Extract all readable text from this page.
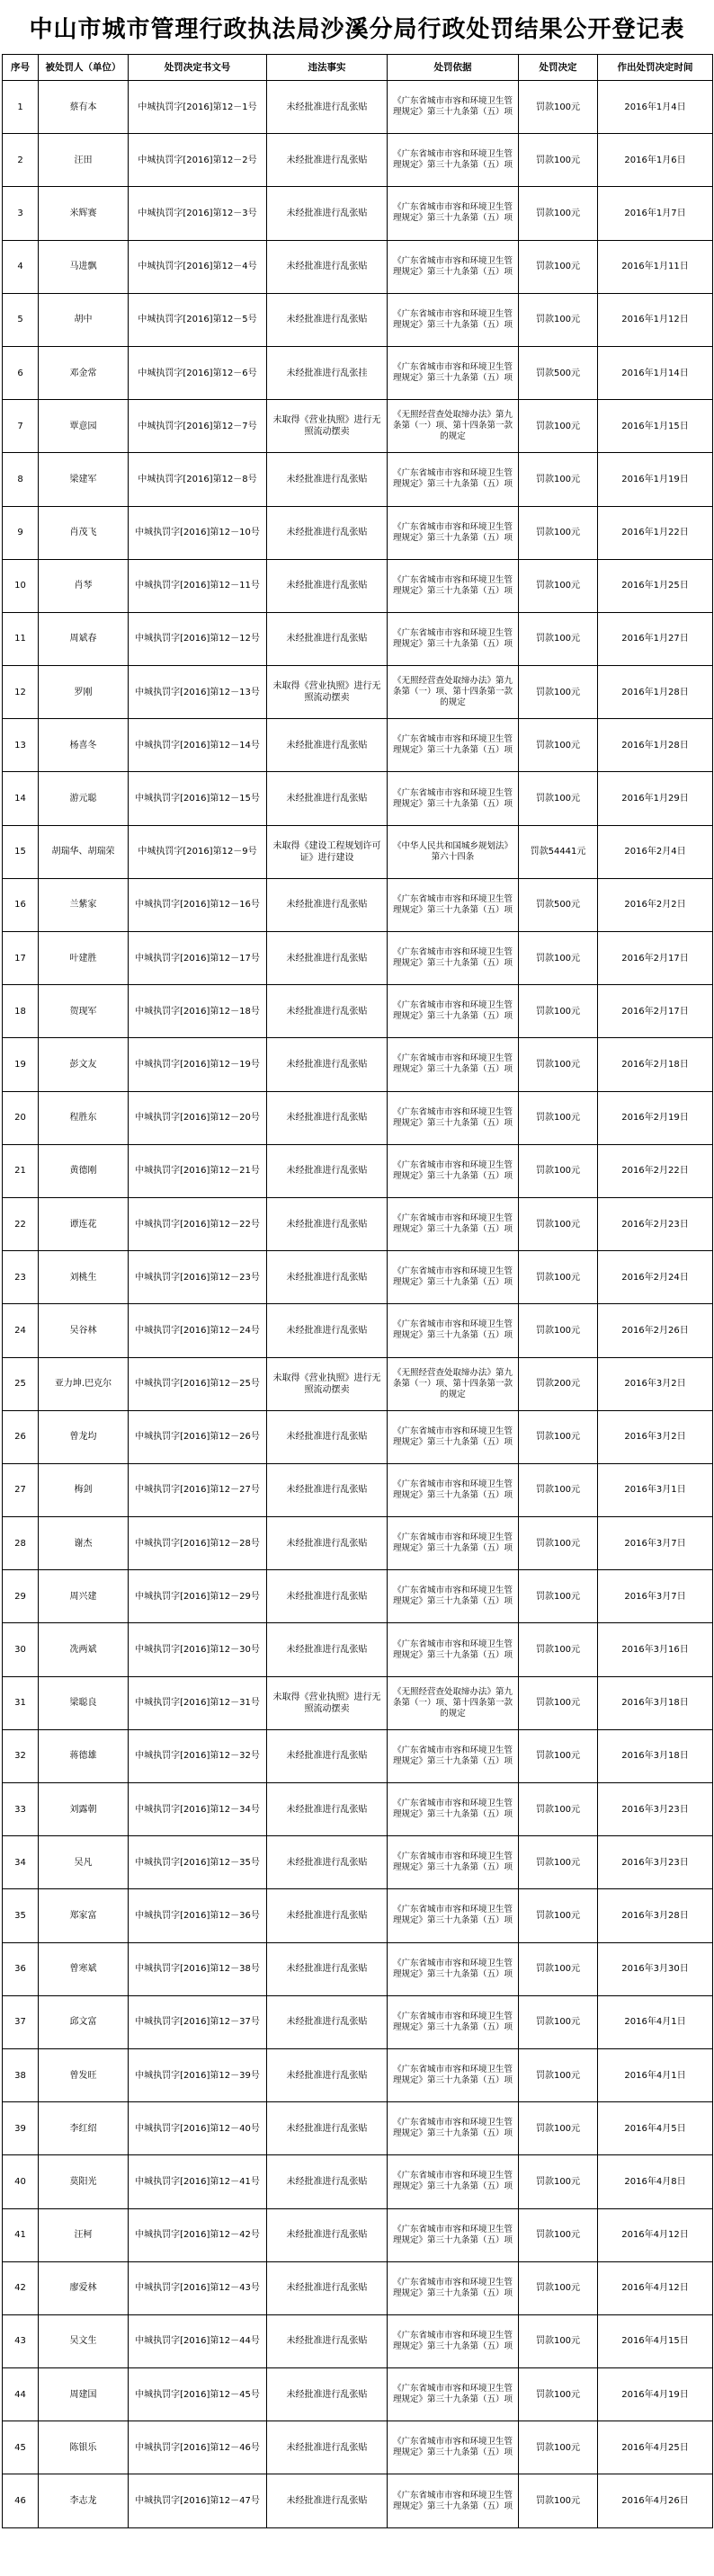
中山市城市管理行政执法局沙溪分局行政处罚结果公开登记表
序号	被处罚人（单位）	处罚决定书文号	违法事实	处罚依据	处罚决定	作出处罚决定时间
1	蔡有本	中城执罚字[2016]第12－1号	未经批准进行乱张贴	《广东省城市市容和环境卫生管理规定》第三十九条第（五）项	罚款100元	2016年1月4日
2	汪田	中城执罚字[2016]第12－2号	未经批准进行乱张贴	《广东省城市市容和环境卫生管理规定》第三十九条第（五）项	罚款100元	2016年1月6日
3	米辉赛	中城执罚字[2016]第12－3号	未经批准进行乱张贴	《广东省城市市容和环境卫生管理规定》第三十九条第（五）项	罚款100元	2016年1月7日
4	马进飘	中城执罚字[2016]第12－4号	未经批准进行乱张贴	《广东省城市市容和环境卫生管理规定》第三十九条第（五）项	罚款100元	2016年1月11日
5	胡中	中城执罚字[2016]第12－5号	未经批准进行乱张贴	《广东省城市市容和环境卫生管理规定》第三十九条第（五）项	罚款100元	2016年1月12日
6	邓金常	中城执罚字[2016]第12－6号	未经批准进行乱张挂	《广东省城市市容和环境卫生管理规定》第三十九条第（五）项	罚款500元	2016年1月14日
7	覃意园	中城执罚字[2016]第12－7号	未取得《营业执照》进行无照流动摆卖	《无照经营查处取缔办法》第九条第（一）项、第十四条第一款的规定	罚款100元	2016年1月15日
8	梁建军	中城执罚字[2016]第12－8号	未经批准进行乱张贴	《广东省城市市容和环境卫生管理规定》第三十九条第（五）项	罚款100元	2016年1月19日
9	肖茂飞	中城执罚字[2016]第12－10号	未经批准进行乱张贴	《广东省城市市容和环境卫生管理规定》第三十九条第（五）项	罚款100元	2016年1月22日
10	肖琴	中城执罚字[2016]第12－11号	未经批准进行乱张贴	《广东省城市市容和环境卫生管理规定》第三十九条第（五）项	罚款100元	2016年1月25日
11	周斌春	中城执罚字[2016]第12－12号	未经批准进行乱张贴	《广东省城市市容和环境卫生管理规定》第三十九条第（五）项	罚款100元	2016年1月27日
12	罗刚	中城执罚字[2016]第12－13号	未取得《营业执照》进行无照流动摆卖	《无照经营查处取缔办法》第九条第（一）项、第十四条第一款的规定	罚款100元	2016年1月28日
13	杨喜冬	中城执罚字[2016]第12－14号	未经批准进行乱张贴	《广东省城市市容和环境卫生管理规定》第三十九条第（五）项	罚款100元	2016年1月28日
14	游元聪	中城执罚字[2016]第12－15号	未经批准进行乱张贴	《广东省城市市容和环境卫生管理规定》第三十九条第（五）项	罚款100元	2016年1月29日
15	胡瑞华、胡瑞荣	中城执罚字[2016]第12－9号	未取得《建设工程规划许可证》进行建设	《中华人民共和国城乡规划法》第六十四条	罚款54441元	2016年2月4日
16	兰紫家	中城执罚字[2016]第12－16号	未经批准进行乱张贴	《广东省城市市容和环境卫生管理规定》第三十九条第（五）项	罚款500元	2016年2月2日
17	叶建胜	中城执罚字[2016]第12－17号	未经批准进行乱张贴	《广东省城市市容和环境卫生管理规定》第三十九条第（五）项	罚款100元	2016年2月17日
18	贺现军	中城执罚字[2016]第12－18号	未经批准进行乱张贴	《广东省城市市容和环境卫生管理规定》第三十九条第（五）项	罚款100元	2016年2月17日
19	彭文友	中城执罚字[2016]第12－19号	未经批准进行乱张贴	《广东省城市市容和环境卫生管理规定》第三十九条第（五）项	罚款100元	2016年2月18日
20	程胜东	中城执罚字[2016]第12－20号	未经批准进行乱张贴	《广东省城市市容和环境卫生管理规定》第三十九条第（五）项	罚款100元	2016年2月19日
21	黄德刚	中城执罚字[2016]第12－21号	未经批准进行乱张贴	《广东省城市市容和环境卫生管理规定》第三十九条第（五）项	罚款100元	2016年2月22日
22	谭连花	中城执罚字[2016]第12－22号	未经批准进行乱张贴	《广东省城市市容和环境卫生管理规定》第三十九条第（五）项	罚款100元	2016年2月23日
23	刘桃生	中城执罚字[2016]第12－23号	未经批准进行乱张贴	《广东省城市市容和环境卫生管理规定》第三十九条第（五）项	罚款100元	2016年2月24日
24	吴谷林	中城执罚字[2016]第12－24号	未经批准进行乱张贴	《广东省城市市容和环境卫生管理规定》第三十九条第（五）项	罚款100元	2016年2月26日
25	亚力坤.巴克尔	中城执罚字[2016]第12－25号	未取得《营业执照》进行无照流动摆卖	《无照经营查处取缔办法》第九条第（一）项、第十四条第一款的规定	罚款200元	2016年3月2日
26	曾龙均	中城执罚字[2016]第12－26号	未经批准进行乱张贴	《广东省城市市容和环境卫生管理规定》第三十九条第（五）项	罚款100元	2016年3月2日
27	梅剑	中城执罚字[2016]第12－27号	未经批准进行乱张贴	《广东省城市市容和环境卫生管理规定》第三十九条第（五）项	罚款100元	2016年3月1日
28	谢杰	中城执罚字[2016]第12－28号	未经批准进行乱张贴	《广东省城市市容和环境卫生管理规定》第三十九条第（五）项	罚款100元	2016年3月7日
29	周兴建	中城执罚字[2016]第12－29号	未经批准进行乱张贴	《广东省城市市容和环境卫生管理规定》第三十九条第（五）项	罚款100元	2016年3月7日
30	冼两斌	中城执罚字[2016]第12－30号	未经批准进行乱张贴	《广东省城市市容和环境卫生管理规定》第三十九条第（五）项	罚款100元	2016年3月16日
31	梁聪良	中城执罚字[2016]第12－31号	未取得《营业执照》进行无照流动摆卖	《无照经营查处取缔办法》第九条第（一）项、第十四条第一款的规定	罚款100元	2016年3月18日
32	蒋德雄	中城执罚字[2016]第12－32号	未经批准进行乱张贴	《广东省城市市容和环境卫生管理规定》第三十九条第（五）项	罚款100元	2016年3月18日
33	刘露朝	中城执罚字[2016]第12－34号	未经批准进行乱张贴	《广东省城市市容和环境卫生管理规定》第三十九条第（五）项	罚款100元	2016年3月23日
34	吴凡	中城执罚字[2016]第12－35号	未经批准进行乱张贴	《广东省城市市容和环境卫生管理规定》第三十九条第（五）项	罚款100元	2016年3月23日
35	郑家富	中城执罚字[2016]第12－36号	未经批准进行乱张贴	《广东省城市市容和环境卫生管理规定》第三十九条第（五）项	罚款100元	2016年3月28日
36	曾寒斌	中城执罚字[2016]第12－38号	未经批准进行乱张贴	《广东省城市市容和环境卫生管理规定》第三十九条第（五）项	罚款100元	2016年3月30日
37	邱文富	中城执罚字[2016]第12－37号	未经批准进行乱张贴	《广东省城市市容和环境卫生管理规定》第三十九条第（五）项	罚款100元	2016年4月1日
38	曾发旺	中城执罚字[2016]第12－39号	未经批准进行乱张贴	《广东省城市市容和环境卫生管理规定》第三十九条第（五）项	罚款100元	2016年4月1日
39	李红绍	中城执罚字[2016]第12－40号	未经批准进行乱张贴	《广东省城市市容和环境卫生管理规定》第三十九条第（五）项	罚款100元	2016年4月5日
40	莫阳光	中城执罚字[2016]第12－41号	未经批准进行乱张贴	《广东省城市市容和环境卫生管理规定》第三十九条第（五）项	罚款100元	2016年4月8日
41	汪柯	中城执罚字[2016]第12－42号	未经批准进行乱张贴	《广东省城市市容和环境卫生管理规定》第三十九条第（五）项	罚款100元	2016年4月12日
42	廖爱林	中城执罚字[2016]第12－43号	未经批准进行乱张贴	《广东省城市市容和环境卫生管理规定》第三十九条第（五）项	罚款100元	2016年4月12日
43	吴文生	中城执罚字[2016]第12－44号	未经批准进行乱张贴	《广东省城市市容和环境卫生管理规定》第三十九条第（五）项	罚款100元	2016年4月15日
44	周建国	中城执罚字[2016]第12－45号	未经批准进行乱张贴	《广东省城市市容和环境卫生管理规定》第三十九条第（五）项	罚款100元	2016年4月19日
45	陈银乐	中城执罚字[2016]第12－46号	未经批准进行乱张贴	《广东省城市市容和环境卫生管理规定》第三十九条第（五）项	罚款100元	2016年4月25日
46	李志龙	中城执罚字[2016]第12－47号	未经批准进行乱张贴	《广东省城市市容和环境卫生管理规定》第三十九条第（五）项	罚款100元	2016年4月26日
